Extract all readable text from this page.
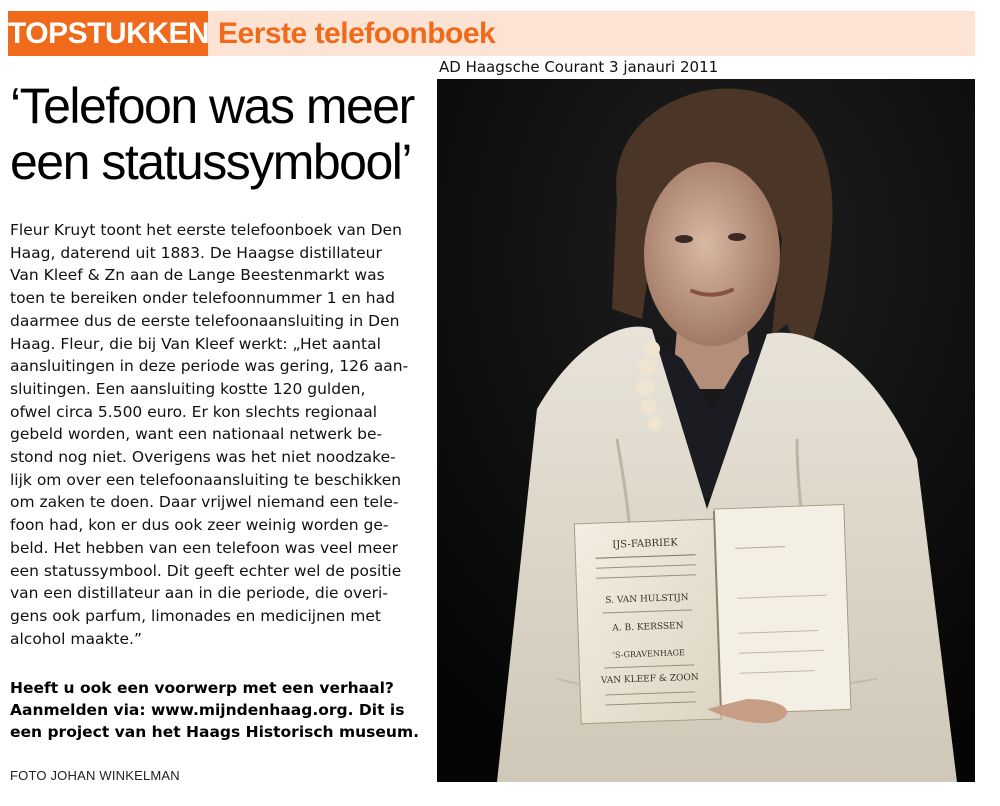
TOPSTUKKEN Eerste telefoonboek
AD Haagsche Courant 3 janauri 2011
‘Telefoon was meer een statussymbool’
Fleur Kruyt toont het eerste telefoonboek van Den
Haag, daterend uit 1883. De Haagse distillateur
Van Kleef & Zn aan de Lange Beestenmarkt was
toen te bereiken onder telefoonnummer 1 en had
daarmee dus de eerste telefoonaansluiting in Den
Haag. Fleur, die bij Van Kleef werkt: „Het aantal
aansluitingen in deze periode was gering, 126 aan-
sluitingen. Een aansluiting kostte 120 gulden,
ofwel circa 5.500 euro. Er kon slechts regionaal
gebeld worden, want een nationaal netwerk be-
stond nog niet. Overigens was het niet noodzake-
lijk om over een telefoonaansluiting te beschikken
om zaken te doen. Daar vrijwel niemand een tele-
foon had, kon er dus ook zeer weinig worden ge-
beld. Het hebben van een telefoon was veel meer
een statussymbool. Dit geeft echter wel de positie
van een distillateur aan in die periode, die overi-
gens ook parfum, limonades en medicijnen met
alcohol maakte.”
Heeft u ook een voorwerp met een verhaal?
Aanmelden via: www.mijndenhaag.org. Dit is
een project van het Haags Historisch museum.
FOTO JOHAN WINKELMAN
IJS-FABRIEK
S. VAN HULSTIJN
A. B. KERSSEN
'S-GRAVENHAGE
VAN KLEEF & ZOON
